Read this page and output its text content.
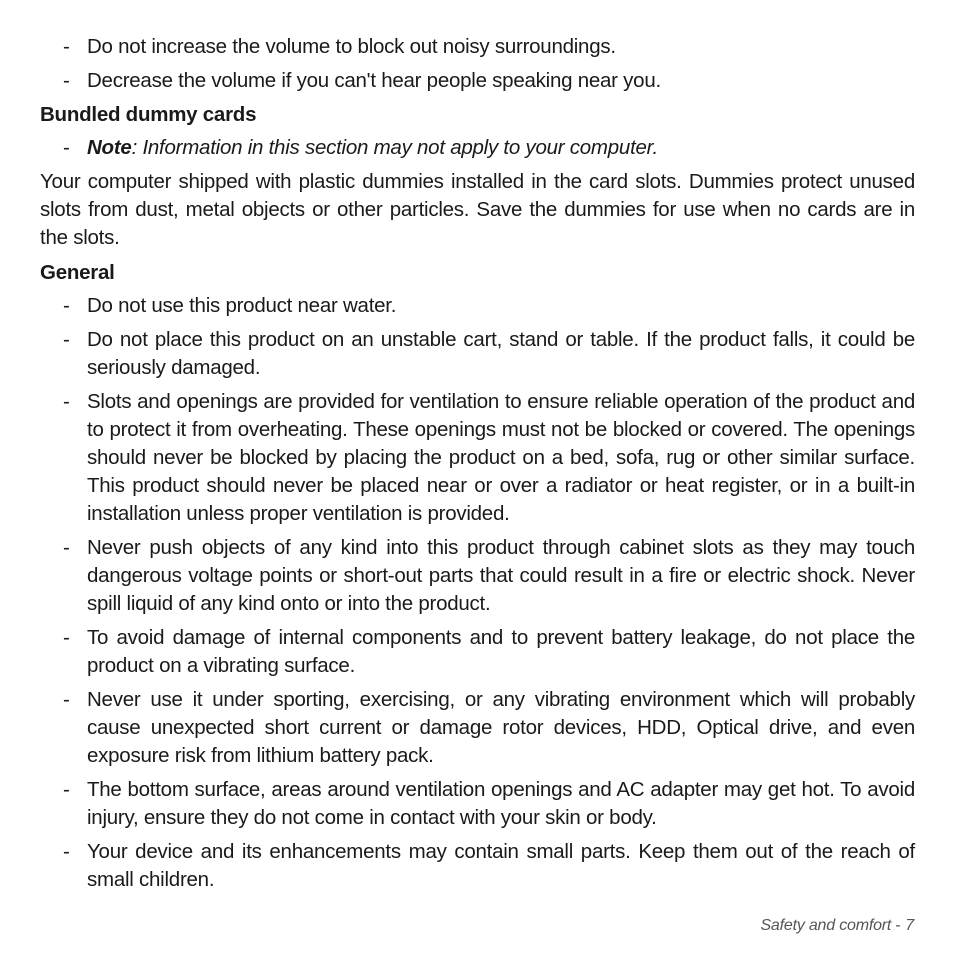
- Do not increase the volume to block out noisy surroundings.
- Decrease the volume if you can't hear people speaking near you.
Bundled dummy cards
- Note: Information in this section may not apply to your computer.
Your computer shipped with plastic dummies installed in the card slots. Dummies protect unused slots from dust, metal objects or other particles. Save the dummies for use when no cards are in the slots.
General
- Do not use this product near water.
- Do not place this product on an unstable cart, stand or table. If the product falls, it could be seriously damaged.
- Slots and openings are provided for ventilation to ensure reliable operation of the product and to protect it from overheating. These openings must not be blocked or covered. The openings should never be blocked by placing the product on a bed, sofa, rug or other similar surface. This product should never be placed near or over a radiator or heat register, or in a built-in installation unless proper ventilation is provided.
- Never push objects of any kind into this product through cabinet slots as they may touch dangerous voltage points or short-out parts that could result in a fire or electric shock. Never spill liquid of any kind onto or into the product.
- To avoid damage of internal components and to prevent battery leakage, do not place the product on a vibrating surface.
- Never use it under sporting, exercising, or any vibrating environment which will probably cause unexpected short current or damage rotor devices, HDD, Optical drive, and even exposure risk from lithium battery pack.
- The bottom surface, areas around ventilation openings and AC adapter may get hot. To avoid injury, ensure they do not come in contact with your skin or body.
- Your device and its enhancements may contain small parts. Keep them out of the reach of small children.
Safety and comfort - 7
